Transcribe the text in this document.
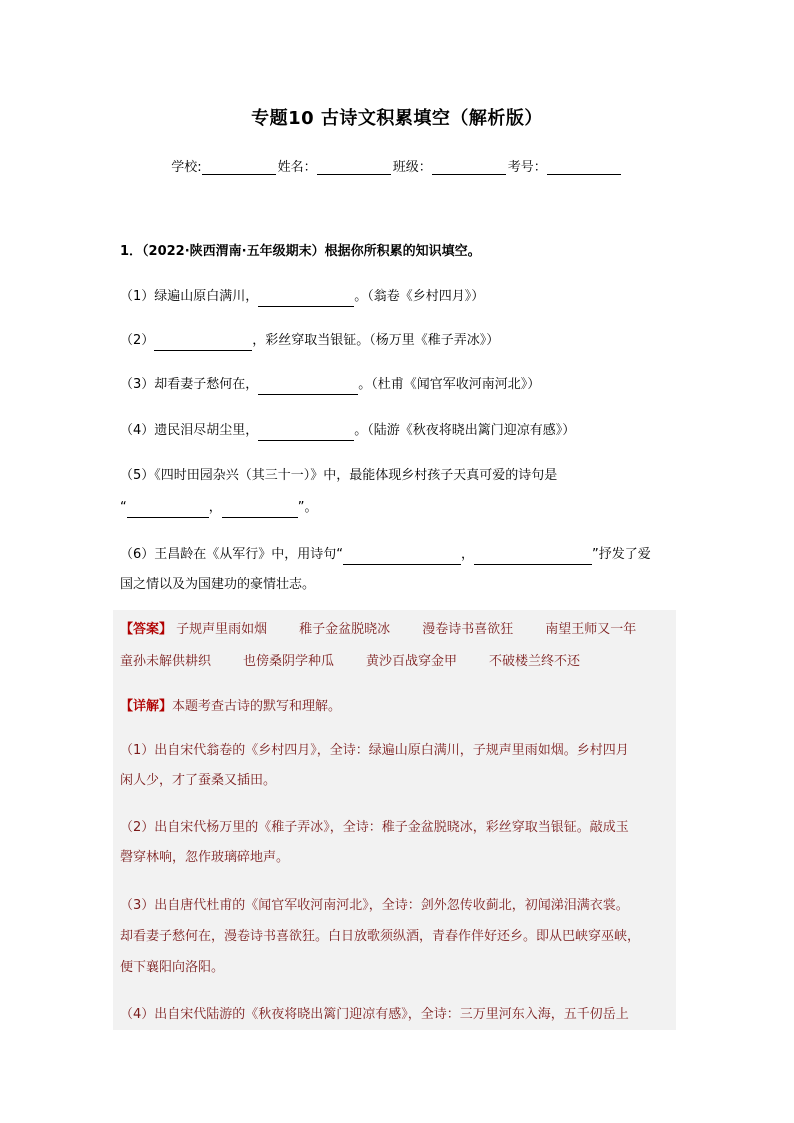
专题10 古诗文积累填空（解析版）
学校:	姓名：	班级：	考号：
1．（2022·陕西渭南·五年级期末）根据你所积累的知识填空。
（1）绿遍山原白满川，	。（翁卷《乡村四月》）
（2）	，彩丝穿取当银钲。（杨万里《稚子弄冰》）
（3）却看妻子愁何在，	。（杜甫《闻官军收河南河北》）
（4）遗民泪尽胡尘里，	。（陆游《秋夜将晓出篱门迎凉有感》）
（5）《四时田园杂兴（其三十一）》中，最能体现乡村孩子天真可爱的诗句是
“	，	”。
（6）王昌龄在《从军行》中，用诗句“	，	”抒发了爱
国之情以及为国建功的豪情壮志。
【答案】 子规声里雨如烟 稚子金盆脱晓冰 漫卷诗书喜欲狂 南望王师又一年
童孙未解供耕织 也傍桑阴学种瓜 黄沙百战穿金甲 不破楼兰终不还
【详解】本题考查古诗的默写和理解。
（1）出自宋代翁卷的《乡村四月》，全诗：绿遍山原白满川，子规声里雨如烟。乡村四月
闲人少，才了蚕桑又插田。
（2）出自宋代杨万里的《稚子弄冰》，全诗：稚子金盆脱晓冰，彩丝穿取当银钲。敲成玉
磬穿林响，忽作玻璃碎地声。
（3）出自唐代杜甫的《闻官军收河南河北》，全诗：剑外忽传收蓟北，初闻涕泪满衣裳。
却看妻子愁何在，漫卷诗书喜欲狂。白日放歌须纵酒，青春作伴好还乡。即从巴峡穿巫峡，
便下襄阳向洛阳。
（4）出自宋代陆游的《秋夜将晓出篱门迎凉有感》，全诗：三万里河东入海，五千仞岳上
